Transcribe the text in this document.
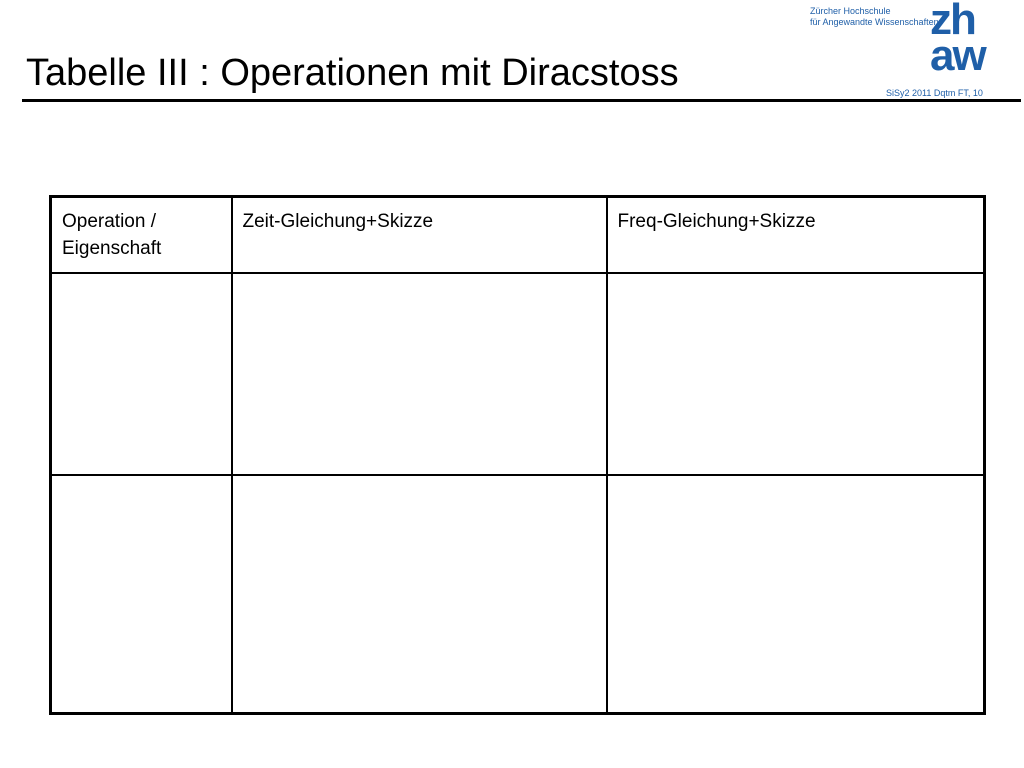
Tabelle III : Operationen mit Diracstoss
Zürcher Hochschule
für Angewandte Wissenschaften
zh
aw
SiSy2 2011 Dqtm FT, 10
Operation / Eigenschaft	Zeit-Gleichung+Skizze	Freq-Gleichung+Skizze
